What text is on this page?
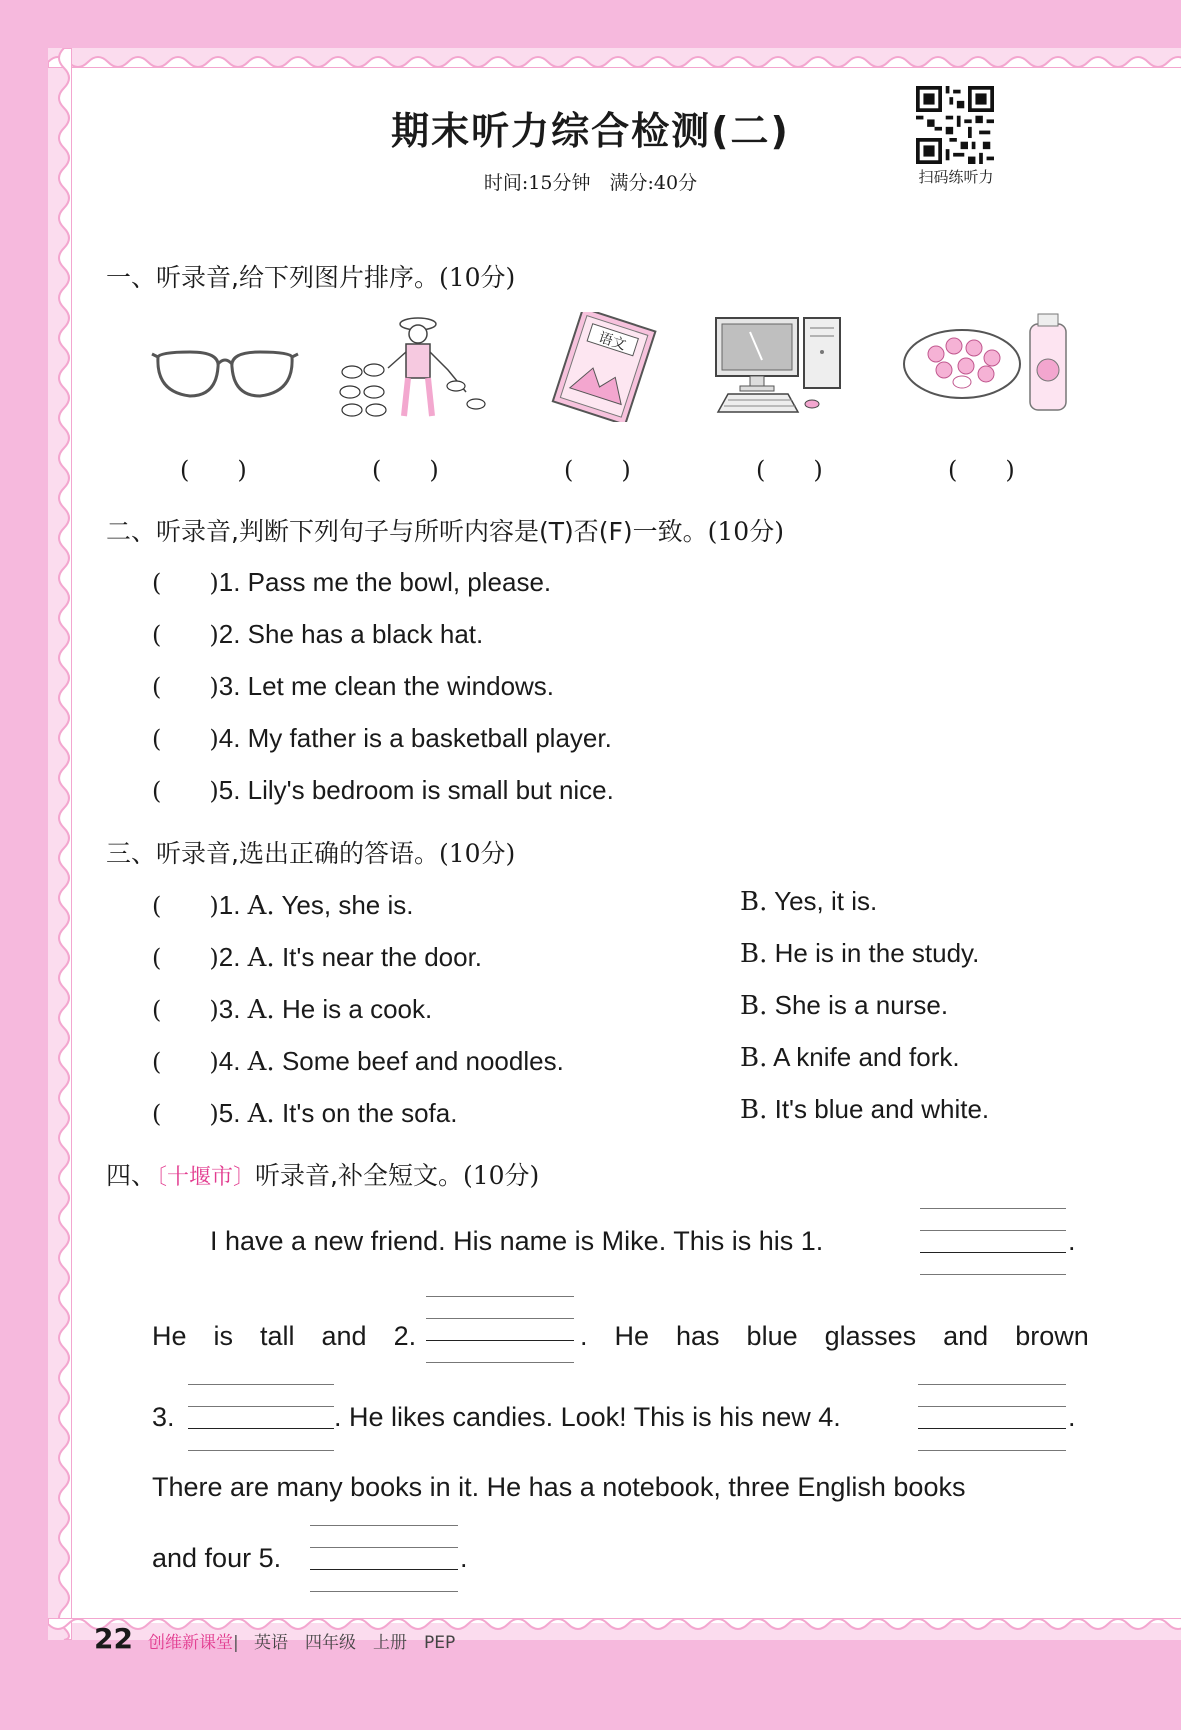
期末听力综合检测(二)
时间:15分钟　满分:40分	扫码练听力
一、听录音,给下列图片排序。(10分)
语文
(　　)	(　　)	(　　)	(　　)	(　　)
二、听录音,判断下列句子与所听内容是(T)否(F)一致。(10分)
(　　)1. Pass me the bowl, please.
(　　)2. She has a black hat.
(　　)3. Let me clean the windows.
(　　)4. My father is a basketball player.
(　　)5. Lily's bedroom is small but nice.
三、听录音,选出正确的答语。(10分)
(　　)1. A. Yes, she is.	B. Yes, it is.
(　　)2. A. It's near the door.	B. He is in the study.
(　　)3. A. He is a cook.	B. She is a nurse.
(　　)4. A. Some beef and noodles.	B. A knife and fork.
(　　)5. A. It's on the sofa.	B. It's blue and white.
四、〔十堰市〕听录音,补全短文。(10分)
I have a new friend. His name is Mike. This is his 1.	.
He　is　tall　and　2.	.　He　has　blue　glasses　and　brown
3.	. He likes candies. Look! This is his new 4.	.
There are many books in it. He has a notebook, three English books
and four 5.	.
22 创维新课堂| 英语　四年级　上册　PEP
